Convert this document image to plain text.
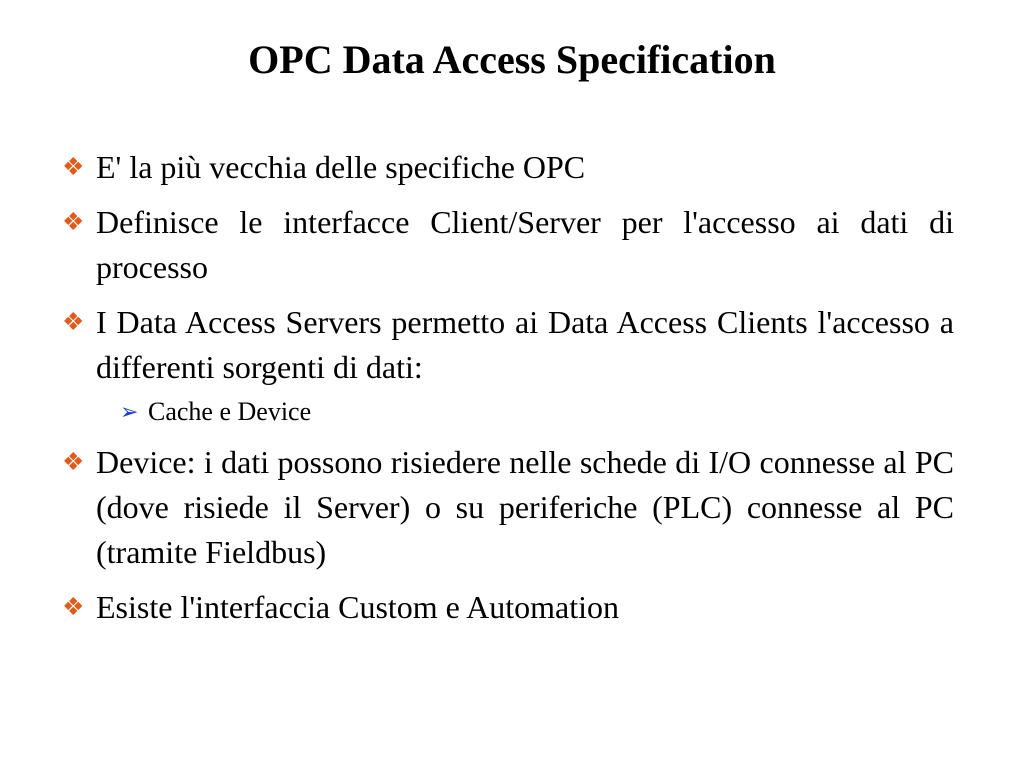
OPC Data Access Specification
❖ E' la più vecchia delle specifiche OPC
❖ Definisce le interfacce Client/Server per l'accesso ai dati di processo
❖ I Data Access Servers permetto ai Data Access Clients l'accesso a differenti sorgenti di dati:
➢ Cache e Device
❖ Device: i dati possono risiedere nelle schede di I/O connesse al PC (dove risiede il Server) o su periferiche (PLC) connesse al PC (tramite Fieldbus)
❖ Esiste l'interfaccia Custom e Automation
